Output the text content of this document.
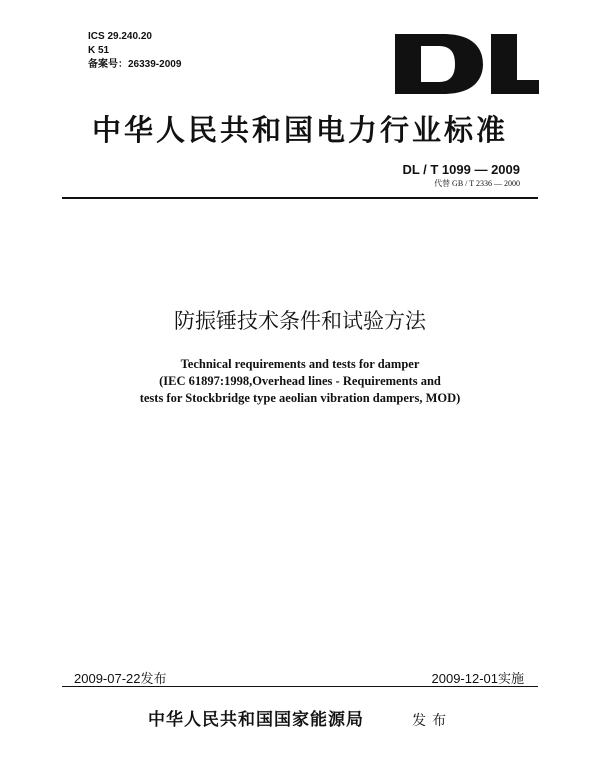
ICS 29.240.20
K 51
备案号：26339-2009
中华人民共和国电力行业标准
DL / T 1099 — 2009
代替 GB / T 2336 — 2000
防振锤技术条件和试验方法
Technical requirements and tests for damper
(IEC 61897:1998,Overhead lines - Requirements and
tests for Stockbridge type aeolian vibration dampers, MOD)
2009-07-22发布	2009-12-01实施
中华人民共和国国家能源局	发布
